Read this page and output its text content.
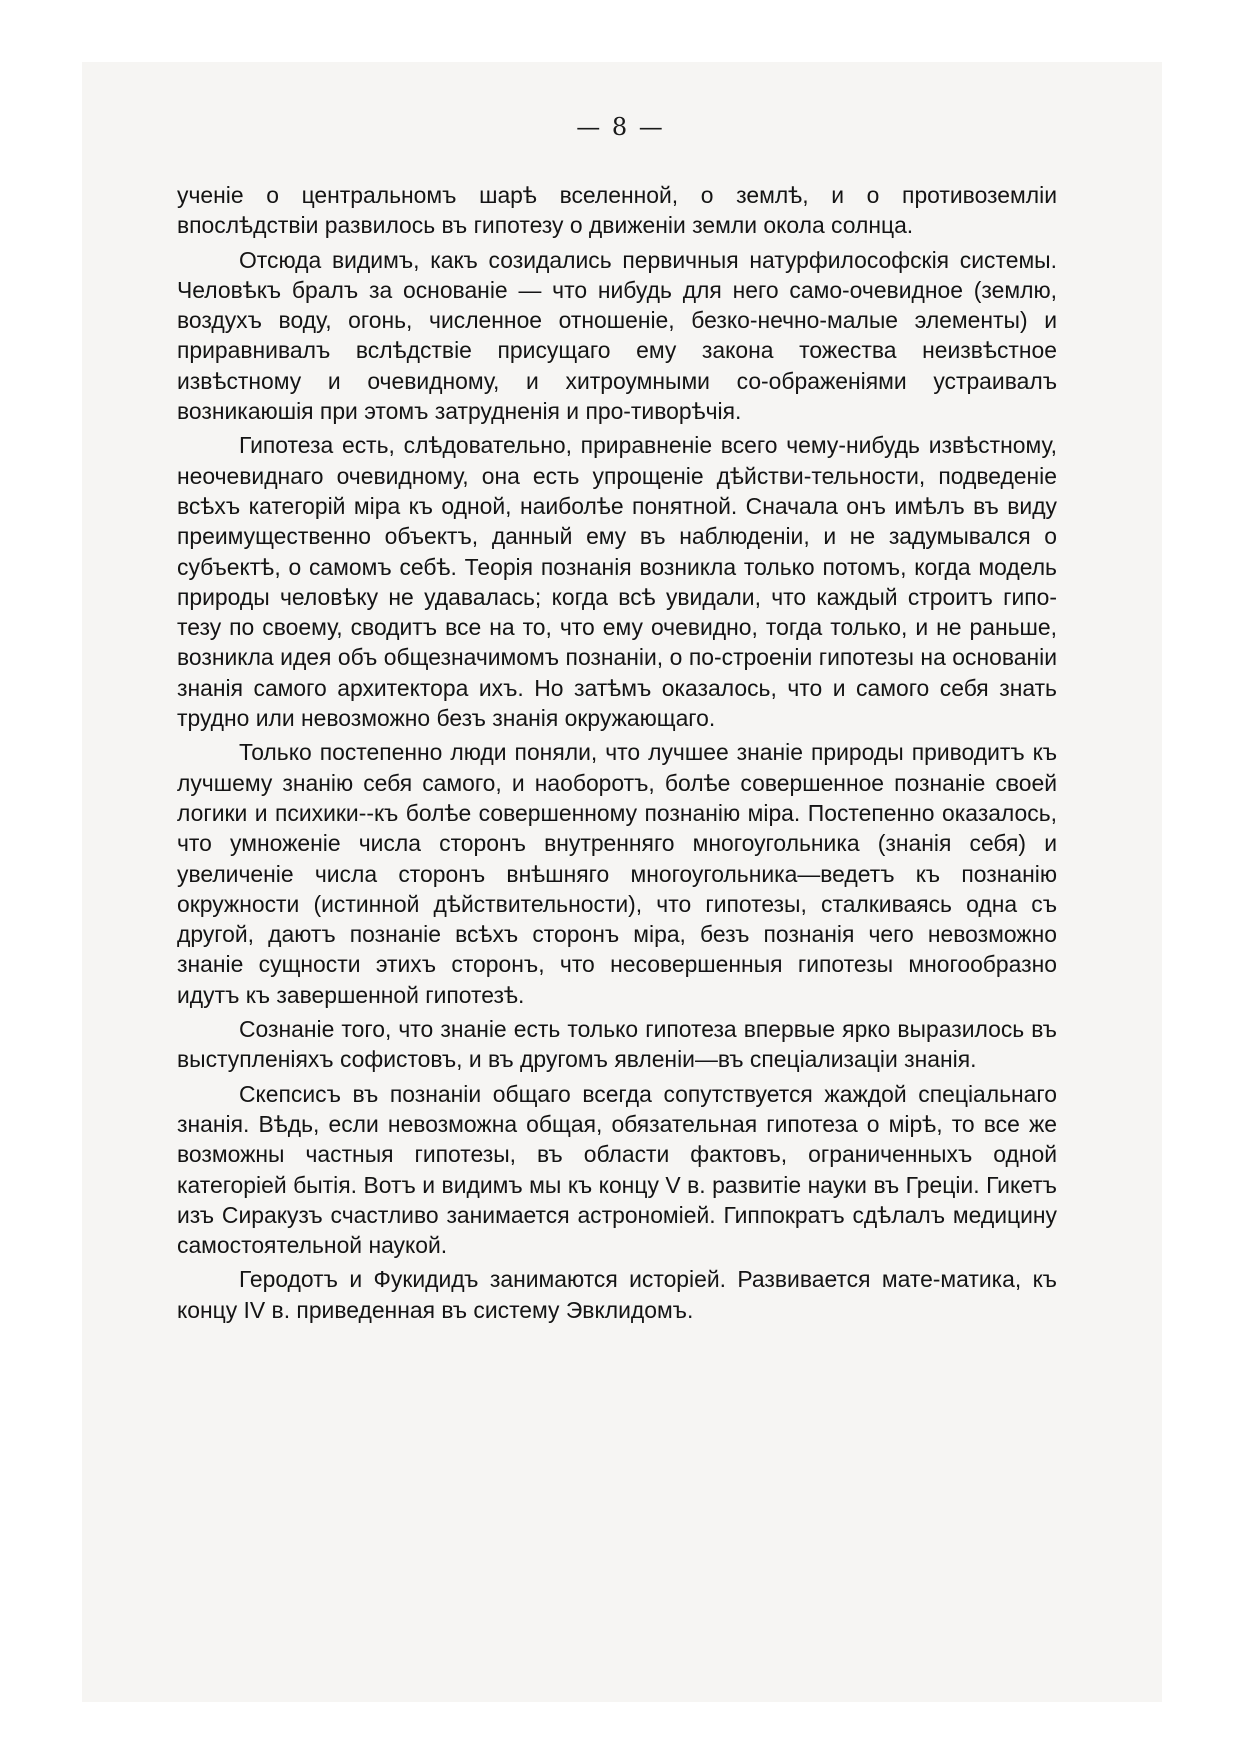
— 8 —

ученіе о центральномъ шарѣ вселенной, о землѣ, и о противоземліи впослѣдствіи развилось въ гипотезу о движеніи земли окола солнца.

Отсюда видимъ, какъ созидались первичныя натурфилософскія системы. Человѣкъ бралъ за основаніе — что нибудь для него само-очевидное (землю, воздухъ воду, огонь, численное отношеніе, безко-нечно-малые элементы) и приравнивалъ вслѣдствіе присущаго ему закона тожества неизвѣстное извѣстному и очевидному, и хитроумными со-ображеніями устраивалъ возникаюшія при этомъ затрудненія и про-тиворѣчія.

Гипотеза есть, слѣдовательно, приравненіе всего чему-нибудь извѣстному, неочевиднаго очевидному, она есть упрощеніе дѣйстви-тельности, подведеніе всѣхъ категорій міра къ одной, наиболѣе понятной. Сначала онъ имѣлъ въ виду преимущественно объектъ, данный ему въ наблюденіи, и не задумывался о субъектѣ, о самомъ себѣ. Теорія познанія возникла только потомъ, когда модель природы человѣку не удавалась; когда всѣ увидали, что каждый строитъ гипо-тезу по своему, сводитъ все на то, что ему очевидно, тогда только, и не раньше, возникла идея объ общезначимомъ познаніи, о по-строеніи гипотезы на основаніи знанія самого архитектора ихъ. Но затѣмъ оказалось, что и самого себя знать трудно или невозможно безъ знанія окружающаго.

Только постепенно люди поняли, что лучшее знаніе природы приводитъ къ лучшему знанію себя самого, и наоборотъ, болѣе совершенное познаніе своей логики и психики--къ болѣе совершенному познанію міра. Постепенно оказалось, что умноженіе числа сторонъ внутренняго многоугольника (знанія себя) и увеличеніе числа сторонъ внѣшняго многоугольника—ведетъ къ познанію окружности (истинной дѣйствительности), что гипотезы, сталкиваясь одна съ другой, даютъ познаніе всѣхъ сторонъ міра, безъ познанія чего невозможно знаніе сущности этихъ сторонъ, что несовершенныя гипотезы многообразно идутъ къ завершенной гипотезѣ.

Сознаніе того, что знаніе есть только гипотеза впервые ярко выразилось въ выступленіяхъ софистовъ, и въ другомъ явленіи—въ спеціализаціи знанія.

Скепсисъ въ познаніи общаго всегда сопутствуется жаждой спеціальнаго знанія. Вѣдь, если невозможна общая, обязательная гипотеза о мірѣ, то все же возможны частныя гипотезы, въ области фактовъ, ограниченныхъ одной категоріей бытія. Вотъ и видимъ мы къ концу V в. развитіе науки въ Греціи. Гикетъ изъ Сиракузъ счастливо занимается астрономіей. Гиппократъ сдѣлалъ медицину самостоятельной наукой.

Геродотъ и Фукидидъ занимаются исторіей. Развивается мате-матика, къ концу IV в. приведенная въ систему Эвклидомъ.
